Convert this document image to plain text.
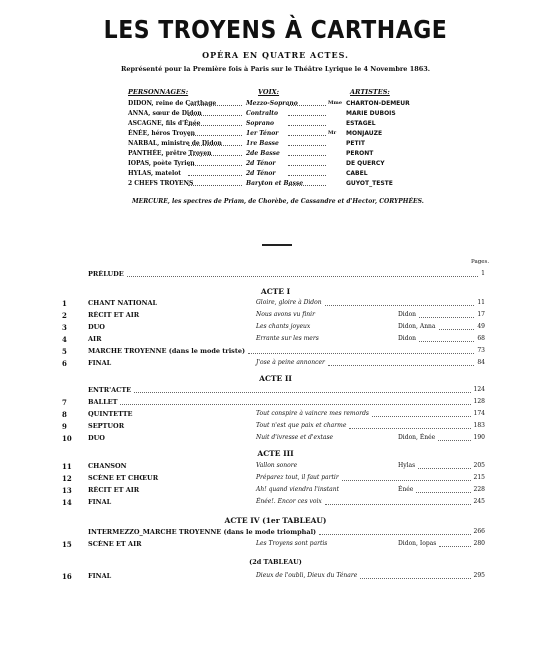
LES TROYENS À CARTHAGE
OPÉRA EN QUATRE ACTES.
Représenté pour la Première fois à Paris sur le Théâtre Lyrique le 4 Novembre 1863.
PERSONNAGES:	VOIX:	ARTISTES:
DIDON, reine de Carthage	Mezzo-Soprano	Mme CHARTON-DEMEUR
ANNA, sœur de Didon	Contralto	MARIE DUBOIS
ASCAGNE, fils d'Énée	Soprano	ESTAGEL
ÉNÉE, héros Troyen	1er Ténor	Mr MONJAUZE
NARBAL, ministre de Didon	1re Basse	PETIT
PANTHÉE, prêtre Troyen	2de Basse	PERONT
IOPAS, poète Tyrien	2d Ténor	DE QUERCY
HYLAS, matelot	2d Ténor	CABEL
2 CHEFS TROYENS	Baryton et Basse	GUYOT_TESTE
MERCURE, les spectres de Priam, de Chorèbe, de Cassandre et d'Hector, CORYPHÉES.
Pages.
PRÉLUDE	1
ACTE I
1	CHANT NATIONAL	Gloire, gloire à Didon	11
2	RÉCIT ET AIR	Nous avons vu finir	Didon	17
3	DUO	Les chants joyeux	Didon, Anna	49
4	AIR	Errante sur les mers	Didon	68
5	MARCHE TROYENNE (dans le mode triste)	73
6	FINAL	J'ose à peine annoncer	84
ACTE II
ENTR'ACTE	124
7	BALLET	128
8	QUINTETTE	Tout conspire à vaincre mes remords	174
9	SEPTUOR	Tout n'est que paix et charme	183
10	DUO	Nuit d'ivresse et d'extase	Didon, Énée	190
ACTE III
11	CHANSON	Vallon sonore	Hylas	205
12	SCÈNE ET CHŒUR	Préparez tout, il faut partir	215
13	RÉCIT ET AIR	Ah! quand viendra l'instant	Énée	228
14	FINAL	Énée!. Encor ces voix	245
ACTE IV (1er TABLEAU)
INTERMEZZO_MARCHE TROYENNE (dans le mode triomphal)	266
15	SCÈNE ET AIR	Les Troyens sont partis	Didon, Iopas	280
(2d TABLEAU)
16	FINAL	Dieux de l'oubli, Dieux du Ténare	295
